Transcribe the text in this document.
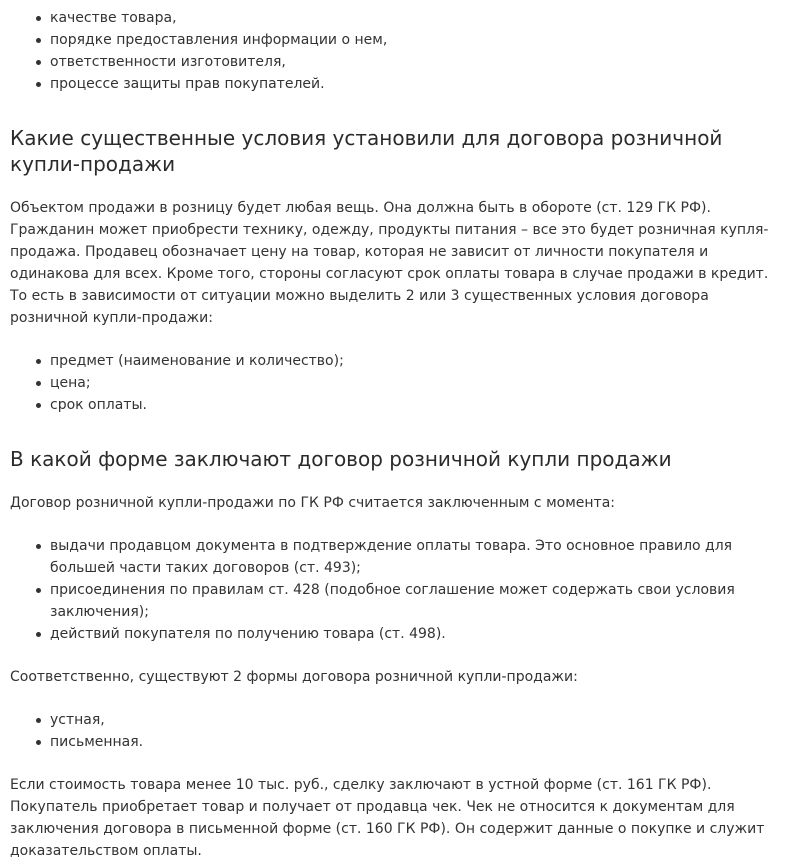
качестве товара,
порядке предоставления информации о нем,
ответственности изготовителя,
процессе защиты прав покупателей.
Какие существенные условия установили для договора розничной купли-продажи

Объектом продажи в розницу будет любая вещь. Она должна быть в обороте (ст. 129 ГК РФ). Гражданин может приобрести технику, одежду, продукты питания – все это будет розничная купля-продажа. Продавец обозначает цену на товар, которая не зависит от личности покупателя и одинакова для всех. Кроме того, стороны согласуют срок оплаты товара в случае продажи в кредит. То есть в зависимости от ситуации можно выделить 2 или 3 существенных условия договора розничной купли-продажи:

предмет (наименование и количество);
цена;
срок оплаты.
В какой форме заключают договор розничной купли продажи

Договор розничной купли-продажи по ГК РФ считается заключенным с момента:

выдачи продавцом документа в подтверждение оплаты товара. Это основное правило для большей части таких договоров (ст. 493);
присоединения по правилам ст. 428 (подобное соглашение может содержать свои условия заключения);
действий покупателя по получению товара (ст. 498).

Соответственно, существуют 2 формы договора розничной купли-продажи:

устная,
письменная.

Если стоимость товара менее 10 тыс. руб., сделку заключают в устной форме (ст. 161 ГК РФ). Покупатель приобретает товар и получает от продавца чек. Чек не относится к документам для заключения договора в письменной форме (ст. 160 ГК РФ). Он содержит данные о покупке и служит доказательством оплаты.
